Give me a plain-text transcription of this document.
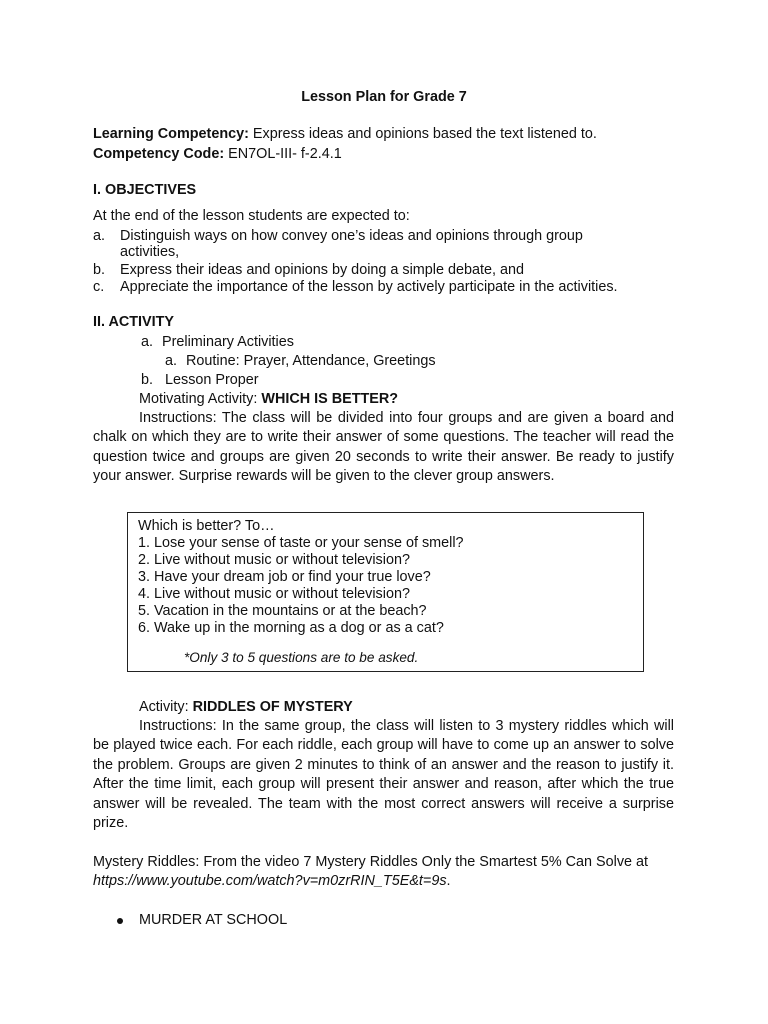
Lesson Plan for Grade 7
Learning Competency: Express ideas and opinions based the text listened to.
Competency Code: EN7OL-III- f-2.4.1
I. OBJECTIVES
At the end of the lesson students are expected to:
a. Distinguish ways on how convey one’s ideas and opinions through group
activities,
b. Express their ideas and opinions by doing a simple debate, and
c. Appreciate the importance of the lesson by actively participate in the activities.
II. ACTIVITY
a. Preliminary Activities
a. Routine: Prayer, Attendance, Greetings
b. Lesson Proper
Motivating Activity: WHICH IS BETTER?
Instructions: The class will be divided into four groups and are given a board and chalk on which they are to write their answer of some questions. The teacher will read the question twice and groups are given 20 seconds to write their answer. Be ready to justify your answer. Surprise rewards will be given to the clever group answers.
Which is better? To…
1. Lose your sense of taste or your sense of smell?
2. Live without music or without television?
3. Have your dream job or find your true love?
4. Live without music or without television?
5. Vacation in the mountains or at the beach?
6. Wake up in the morning as a dog or as a cat?
*Only 3 to 5 questions are to be asked.
Activity: RIDDLES OF MYSTERY
Instructions: In the same group, the class will listen to 3 mystery riddles which will be played twice each. For each riddle, each group will have to come up an answer to solve the problem. Groups are given 2 minutes to think of an answer and the reason to justify it. After the time limit, each group will present their answer and reason, after which the true answer will be revealed. The team with the most correct answers will receive a surprise prize.
Mystery Riddles: From the video 7 Mystery Riddles Only the Smartest 5% Can Solve at https://www.youtube.com/watch?v=m0zrRIN_T5E&t=9s.
MURDER AT SCHOOL
